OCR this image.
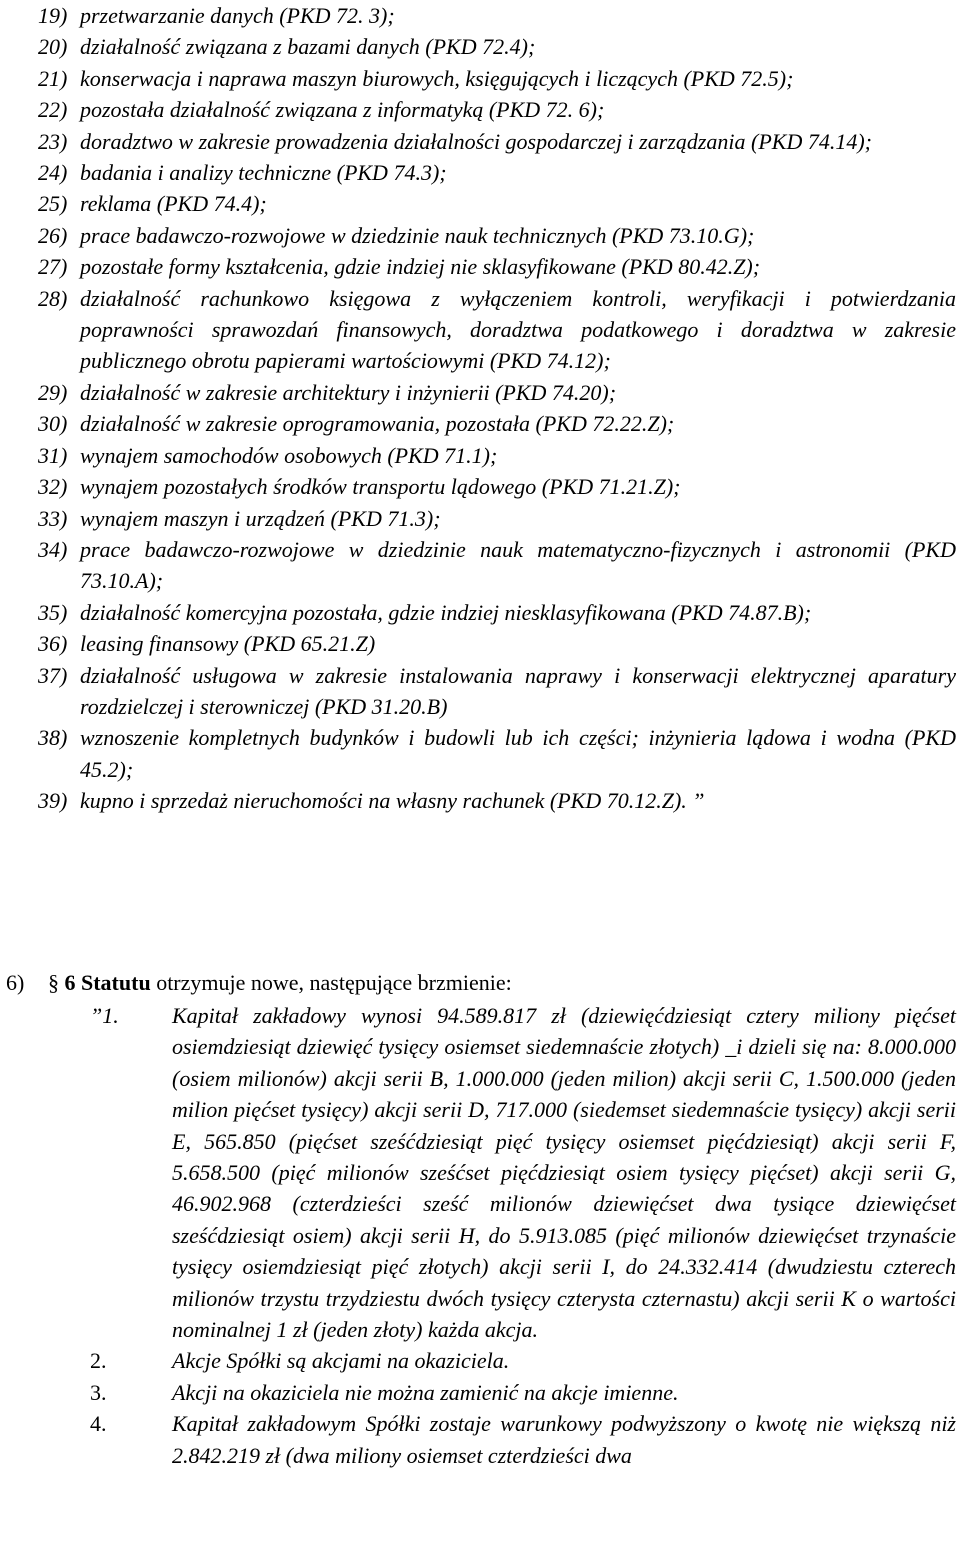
19) przetwarzanie danych (PKD 72. 3);
20) działalność związana z bazami danych (PKD 72.4);
21) konserwacja i naprawa maszyn biurowych, księgujących i liczących (PKD 72.5);
22) pozostała działalność związana z informatyką (PKD 72. 6);
23) doradztwo w zakresie prowadzenia działalności gospodarczej i zarządzania (PKD 74.14);
24) badania i analizy techniczne (PKD 74.3);
25) reklama (PKD 74.4);
26) prace badawczo-rozwojowe w dziedzinie nauk technicznych (PKD 73.10.G);
27) pozostałe formy kształcenia, gdzie indziej nie sklasyfikowane (PKD 80.42.Z);
28) działalność rachunkowo księgowa z wyłączeniem kontroli, weryfikacji i potwierdzania poprawności sprawozdań finansowych, doradztwa podatkowego i doradztwa w zakresie publicznego obrotu papierami wartościowymi (PKD 74.12);
29) działalność w zakresie architektury i inżynierii (PKD 74.20);
30) działalność w zakresie oprogramowania, pozostała (PKD 72.22.Z);
31) wynajem samochodów osobowych (PKD 71.1);
32) wynajem pozostałych środków transportu lądowego (PKD 71.21.Z);
33) wynajem maszyn i urządzeń (PKD 71.3);
34) prace badawczo-rozwojowe w dziedzinie nauk matematyczno-fizycznych i astronomii (PKD 73.10.A);
35) działalność komercyjna pozostała, gdzie indziej niesklasyfikowana (PKD 74.87.B);
36) leasing finansowy (PKD 65.21.Z)
37) działalność usługowa w zakresie instalowania naprawy i konserwacji elektrycznej aparatury rozdzielczej i sterowniczej (PKD 31.20.B)
38) wznoszenie kompletnych budynków i budowli lub ich części; inżynieria lądowa i wodna (PKD 45.2);
39) kupno i sprzedaż nieruchomości na własny rachunek (PKD 70.12.Z). ”
6) § 6 Statutu otrzymuje nowe, następujące brzmienie:
”1. Kapitał zakładowy wynosi 94.589.817 zł (dziewięćdziesiąt cztery miliony pięćset osiemdziesiąt dziewięć tysięcy osiemset siedemnaście złotych) _i dzieli się na: 8.000.000 (osiem milionów) akcji serii B, 1.000.000 (jeden milion) akcji serii C, 1.500.000 (jeden milion pięćset tysięcy) akcji serii D, 717.000 (siedemset siedemnaście tysięcy) akcji serii E, 565.850 (pięćset sześćdziesiąt pięć tysięcy osiemset pięćdziesiąt) akcji serii F, 5.658.500 (pięć milionów sześćset pięćdziesiąt osiem tysięcy pięćset) akcji serii G, 46.902.968 (czterdzieści sześć milionów dziewięćset dwa tysiące dziewięćset sześćdziesiąt osiem) akcji serii H, do 5.913.085 (pięć milionów dziewięćset trzynaście tysięcy osiemdziesiąt pięć złotych) akcji serii I, do 24.332.414 (dwudziestu czterech milionów trzystu trzydziestu dwóch tysięcy czterysta czternastu) akcji serii K o wartości nominalnej 1 zł (jeden złoty) każda akcja.
2.	Akcje Spółki są akcjami na okaziciela.
3.	Akcji na okaziciela nie można zamienić na akcje imienne.
4.	Kapitał zakładowym Spółki zostaje warunkowy podwyższony o kwotę nie większą niż 2.842.219 zł (dwa miliony osiemset czterdzieści dwa
